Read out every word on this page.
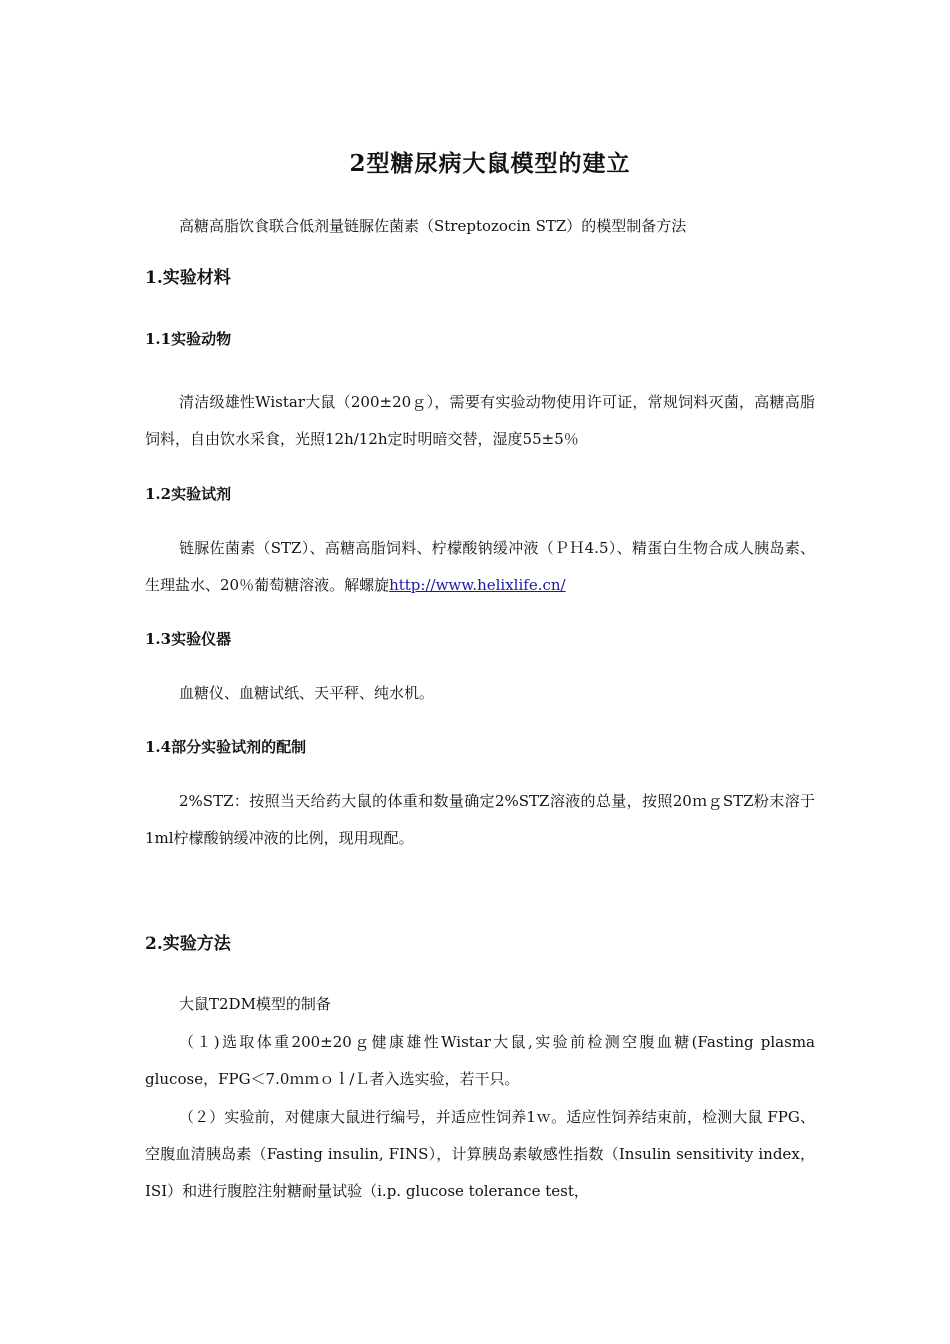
2型糖尿病大鼠模型的建立
高糖高脂饮食联合低剂量链脲佐菌素（Streptozocin STZ）的模型制备方法
1.实验材料
1.1实验动物
清洁级雄性Wistar大鼠（200±20ｇ），需要有实验动物使用许可证，常规饲料灭菌，高糖高脂饲料，自由饮水采食，光照12h/12h定时明暗交替，湿度55±5％
1.2实验试剂
链脲佐菌素（STZ）、高糖高脂饲料、柠檬酸钠缓冲液（ＰＨ4.5）、精蛋白生物合成人胰岛素、生理盐水、20％葡萄糖溶液。解螺旋http://www.helixlife.cn/
1.3实验仪器
血糖仪、血糖试纸、天平秤、纯水机。
1.4部分实验试剂的配制
2%STZ：按照当天给药大鼠的体重和数量确定2%STZ溶液的总量，按照20ｍｇSTZ粉末溶于1ml柠檬酸钠缓冲液的比例，现用现配。
2.实验方法
大鼠T2DM模型的制备
（１)选取体重200±20ｇ健康雄性Wistar大鼠,实验前检测空腹血糖(Fasting plasma glucose，FPG＜7.0ｍｍｏｌ/Ｌ者入选实验，若干只。
（２）实验前，对健康大鼠进行编号，并适应性饲养1ｗ。适应性饲养结束前，检测大鼠 FPG、空腹血清胰岛素（Fasting insulin, FINS），计算胰岛素敏感性指数（Insulin sensitivity index，ISI）和进行腹腔注射糖耐量试验（i.p. glucose tolerance test，
